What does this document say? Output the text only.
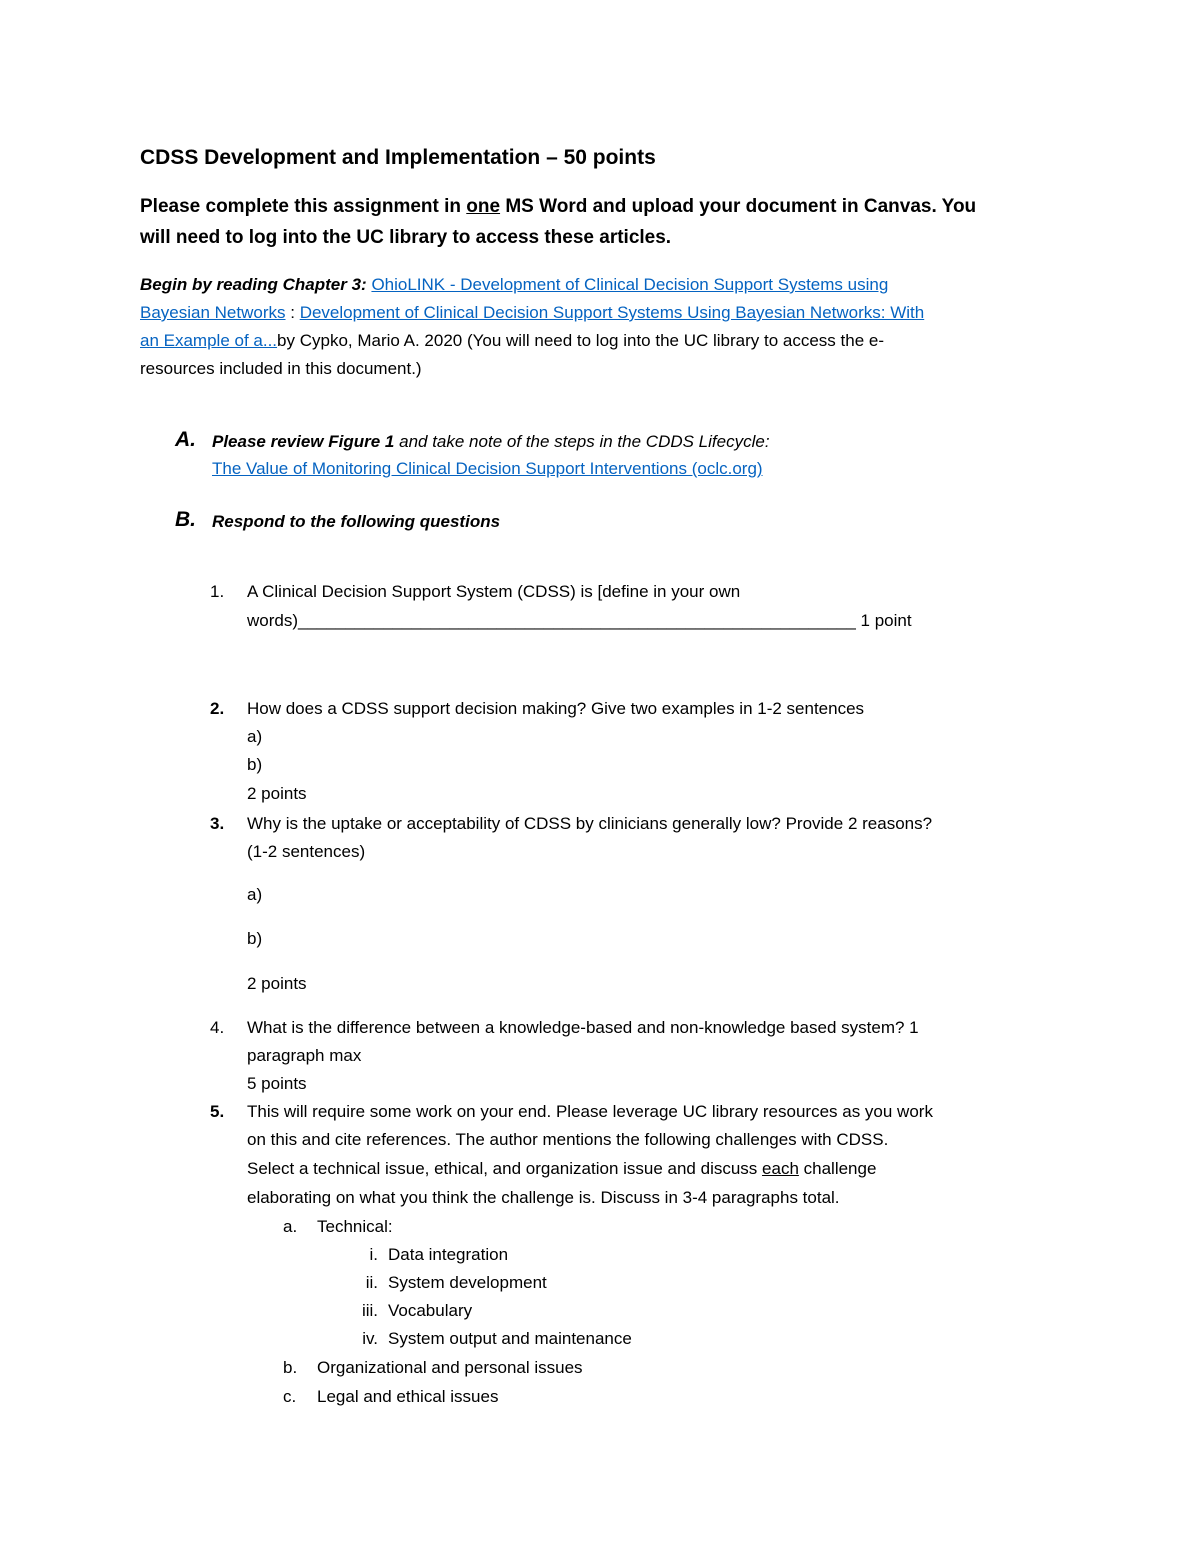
CDSS Development and Implementation – 50 points
Please complete this assignment in one MS Word and upload your document in Canvas. You
will need to log into the UC library to access these articles.
Begin by reading Chapter 3: OhioLINK - Development of Clinical Decision Support Systems using
Bayesian Networks : Development of Clinical Decision Support Systems Using Bayesian Networks: With
an Example of a...by Cypko, Mario A. 2020 (You will need to log into the UC library to access the e-
resources included in this document.)
A. Please review Figure 1 and take note of the steps in the CDDS Lifecycle:
The Value of Monitoring Clinical Decision Support Interventions (oclc.org)
B. Respond to the following questions
1. A Clinical Decision Support System (CDSS) is [define in your own
words)___________________________________________________________ 1 point
2. How does a CDSS support decision making? Give two examples in 1-2 sentences
a)
b)
2 points
3. Why is the uptake or acceptability of CDSS by clinicians generally low? Provide 2 reasons?
(1-2 sentences)
a)
b)
2 points
4. What is the difference between a knowledge-based and non-knowledge based system? 1
paragraph max
5 points
5. This will require some work on your end. Please leverage UC library resources as you work
on this and cite references. The author mentions the following challenges with CDSS.
Select a technical issue, ethical, and organization issue and discuss each challenge
elaborating on what you think the challenge is. Discuss in 3-4 paragraphs total.
a. Technical:
i. Data integration
ii. System development
iii. Vocabulary
iv. System output and maintenance
b. Organizational and personal issues
c. Legal and ethical issues
